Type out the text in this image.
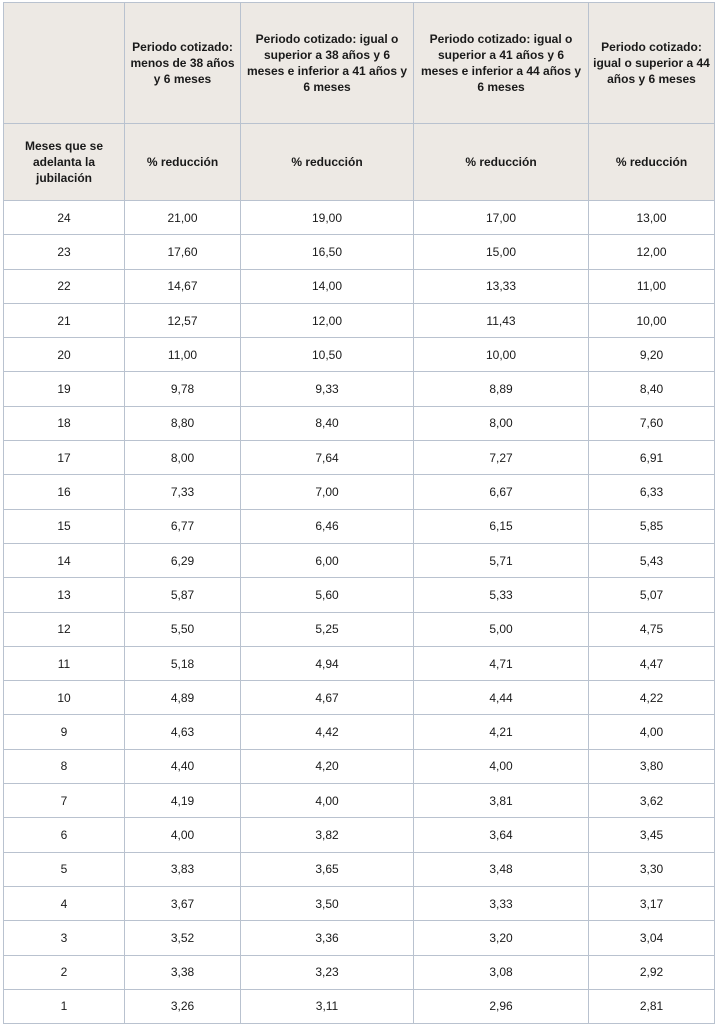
	Periodo cotizado: menos de 38 años y 6 meses	Periodo cotizado: igual o superior a 38 años y 6 meses e inferior a 41 años y 6 meses	Periodo cotizado: igual o superior a 41 años y 6 meses e inferior a 44 años y 6 meses	Periodo cotizado: igual o superior a 44 años y 6 meses
Meses que se adelanta la jubilación	% reducción	% reducción	% reducción	% reducción
24	21,00	19,00	17,00	13,00
23	17,60	16,50	15,00	12,00
22	14,67	14,00	13,33	11,00
21	12,57	12,00	11,43	10,00
20	11,00	10,50	10,00	9,20
19	9,78	9,33	8,89	8,40
18	8,80	8,40	8,00	7,60
17	8,00	7,64	7,27	6,91
16	7,33	7,00	6,67	6,33
15	6,77	6,46	6,15	5,85
14	6,29	6,00	5,71	5,43
13	5,87	5,60	5,33	5,07
12	5,50	5,25	5,00	4,75
11	5,18	4,94	4,71	4,47
10	4,89	4,67	4,44	4,22
9	4,63	4,42	4,21	4,00
8	4,40	4,20	4,00	3,80
7	4,19	4,00	3,81	3,62
6	4,00	3,82	3,64	3,45
5	3,83	3,65	3,48	3,30
4	3,67	3,50	3,33	3,17
3	3,52	3,36	3,20	3,04
2	3,38	3,23	3,08	2,92
1	3,26	3,11	2,96	2,81
